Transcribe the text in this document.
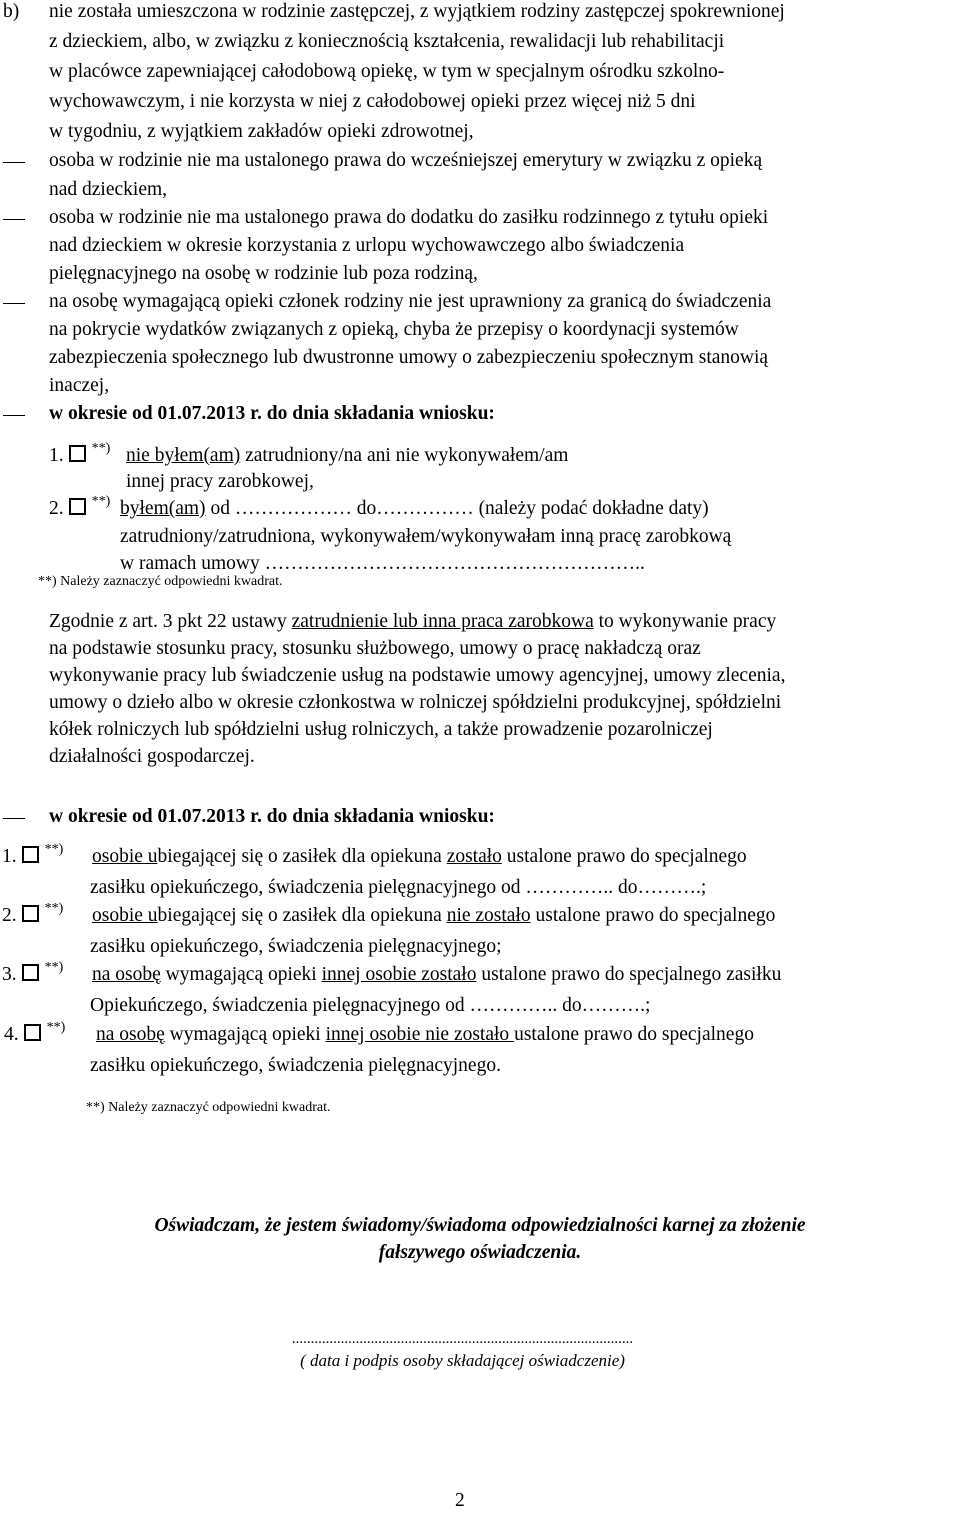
b) nie została umieszczona w rodzinie zastępczej, z wyjątkiem rodziny zastępczej spokrewnionej
z dzieckiem, albo, w związku z koniecznością kształcenia, rewalidacji lub rehabilitacji
w placówce zapewniającej całodobową opiekę, w tym w specjalnym ośrodku szkolno-
wychowawczym, i nie korzysta w niej z całodobowej opieki przez więcej niż 5 dni
w tygodniu, z wyjątkiem zakładów opieki zdrowotnej,
osoba w rodzinie nie ma ustalonego prawa do wcześniejszej emerytury w związku z opieką
nad dzieckiem,
osoba w rodzinie nie ma ustalonego prawa do dodatku do zasiłku rodzinnego z tytułu opieki
nad dzieckiem w okresie korzystania z urlopu wychowawczego albo świadczenia
pielęgnacyjnego na osobę w rodzinie lub poza rodziną,
na osobę wymagającą opieki członek rodziny nie jest uprawniony za granicą do świadczenia
na pokrycie wydatków związanych z opieką, chyba że przepisy o koordynacji systemów
zabezpieczenia społecznego lub dwustronne umowy o zabezpieczeniu społecznym stanowią
inaczej,
w okresie od 01.07.2013 r. do dnia składania wniosku:
1. **) nie byłem(am) zatrudniony/na ani nie wykonywałem/am
innej pracy zarobkowej,
2. **) byłem(am) od ……………… do…………… (należy podać dokładne daty)
zatrudniony/zatrudniona, wykonywałem/wykonywałam inną pracę zarobkową
w ramach umowy …………………………………………………..
**) Należy zaznaczyć odpowiedni kwadrat.
Zgodnie z art. 3 pkt 22 ustawy zatrudnienie lub inna praca zarobkowa to wykonywanie pracy
na podstawie stosunku pracy, stosunku służbowego, umowy o pracę nakładczą oraz
wykonywanie pracy lub świadczenie usług na podstawie umowy agencyjnej, umowy zlecenia,
umowy o dzieło albo w okresie członkostwa w rolniczej spółdzielni produkcyjnej, spółdzielni
kółek rolniczych lub spółdzielni usług rolniczych, a także prowadzenie pozarolniczej
działalności gospodarczej.
w okresie od 01.07.2013 r. do dnia składania wniosku:
1. **) osobie ubiegającej się o zasiłek dla opiekuna zostało ustalone prawo do specjalnego
zasiłku opiekuńczego, świadczenia pielęgnacyjnego od ………….. do……….;
2. **) osobie ubiegającej się o zasiłek dla opiekuna nie zostało ustalone prawo do specjalnego
zasiłku opiekuńczego, świadczenia pielęgnacyjnego;
3. **) na osobę wymagającą opieki innej osobie zostało ustalone prawo do specjalnego zasiłku
Opiekuńczego, świadczenia pielęgnacyjnego od ………….. do……….;
4. **) na osobę wymagającą opieki innej osobie nie zostało ustalone prawo do specjalnego
zasiłku opiekuńczego, świadczenia pielęgnacyjnego.
**) Należy zaznaczyć odpowiedni kwadrat.
Oświadczam, że jestem świadomy/świadoma odpowiedzialności karnej za złożenie
fałszywego oświadczenia.
...........................................................................................
( data i podpis osoby składającej oświadczenie)
2
